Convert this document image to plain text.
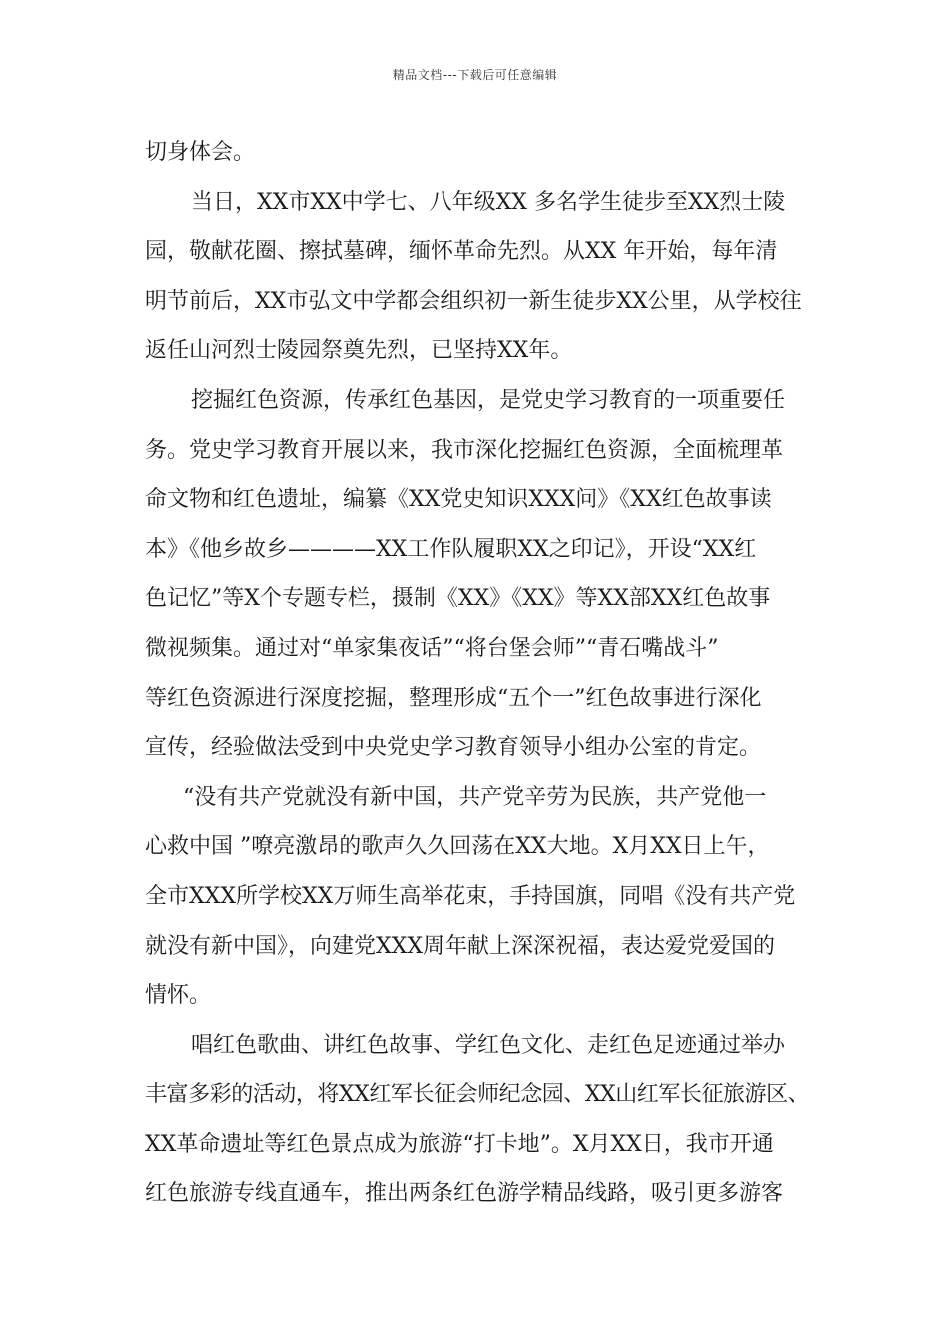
精品文档---下载后可任意编辑
切身体会。
当日，XX市XX中学七、八年级XX 多名学生徒步至XX烈士陵
园，敬献花圈、擦拭墓碑，缅怀革命先烈。从XX 年开始，每年清
明节前后，XX市弘文中学都会组织初一新生徒步XX公里，从学校往
返任山河烈士陵园祭奠先烈，已坚持XX年。
挖掘红色资源，传承红色基因，是党史学习教育的一项重要任
务。党史学习教育开展以来，我市深化挖掘红色资源，全面梳理革
命文物和红色遗址，编纂《XX党史知识XXX问》《XX红色故事读
本》《他乡故乡————XX工作队履职XX之印记》，开设“XX红
色记忆”等X个专题专栏，摄制《XX》《XX》等XX部XX红色故事
微视频集。通过对“单家集夜话”“将台堡会师”“青石嘴战斗”
等红色资源进行深度挖掘，整理形成“五个一”红色故事进行深化
宣传，经验做法受到中央党史学习教育领导小组办公室的肯定。
“没有共产党就没有新中国，共产党辛劳为民族，共产党他一
心救中国 ”嘹亮激昂的歌声久久回荡在XX大地。X月XX日上午，
全市XXX所学校XX万师生高举花束，手持国旗，同唱《没有共产党
就没有新中国》，向建党XXX周年献上深深祝福，表达爱党爱国的
情怀。
唱红色歌曲、讲红色故事、学红色文化、走红色足迹通过举办
丰富多彩的活动，将XX红军长征会师纪念园、XX山红军长征旅游区、
XX革命遗址等红色景点成为旅游“打卡地”。X月XX日，我市开通
红色旅游专线直通车，推出两条红色游学精品线路，吸引更多游客
